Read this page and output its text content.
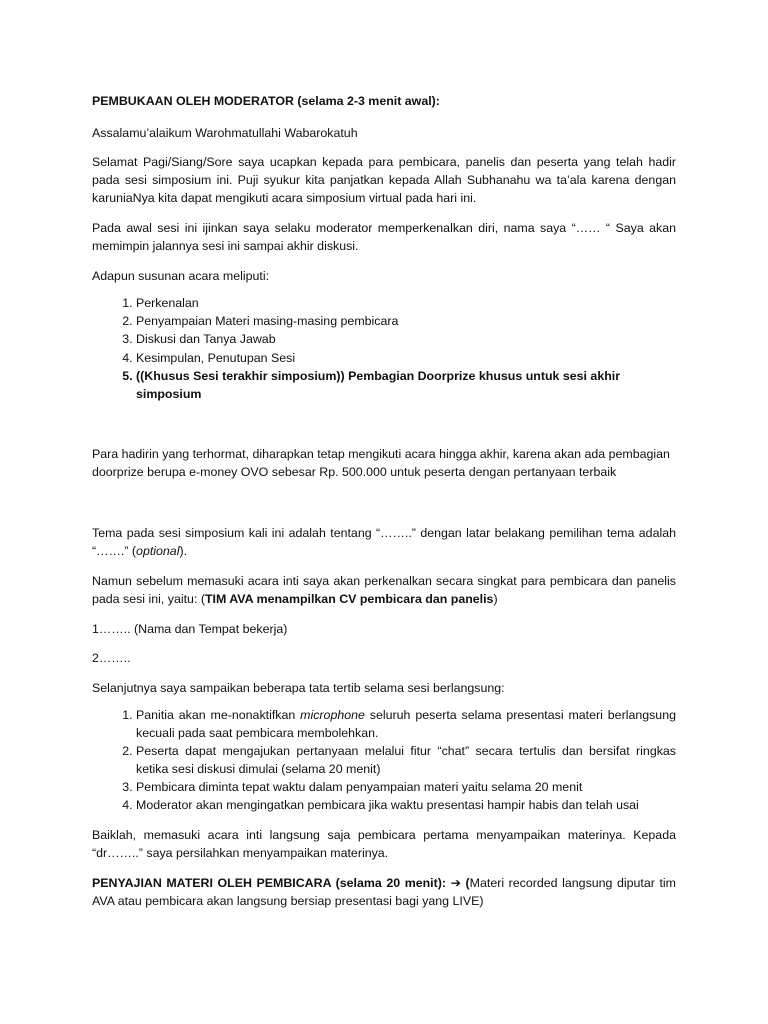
PEMBUKAAN OLEH MODERATOR (selama 2-3 menit awal):

Assalamu’alaikum Warohmatullahi Wabarokatuh

Selamat Pagi/Siang/Sore saya ucapkan kepada para pembicara, panelis dan peserta yang telah hadir pada sesi simposium ini. Puji syukur kita panjatkan kepada Allah Subhanahu wa ta’ala karena dengan karuniaNya kita dapat mengikuti acara simposium virtual pada hari ini.

Pada awal sesi ini ijinkan saya selaku moderator memperkenalkan diri, nama saya “…… “ Saya akan memimpin jalannya sesi ini sampai akhir diskusi.

Adapun susunan acara meliputi:

1. Perkenalan
2. Penyampaian Materi masing-masing pembicara
3. Diskusi dan Tanya Jawab
4. Kesimpulan, Penutupan Sesi
5. ((Khusus Sesi terakhir simposium)) Pembagian Doorprize khusus untuk sesi akhir simposium

Para hadirin yang terhormat, diharapkan tetap mengikuti acara hingga akhir, karena akan ada pembagian doorprize berupa e-money OVO sebesar Rp. 500.000 untuk peserta dengan pertanyaan terbaik

Tema pada sesi simposium kali ini adalah tentang “……..” dengan latar belakang pemilihan tema adalah “…….” (optional).

Namun sebelum memasuki acara inti saya akan perkenalkan secara singkat para pembicara dan panelis pada sesi ini, yaitu: (TIM AVA menampilkan CV pembicara dan panelis)

1…….. (Nama dan Tempat bekerja)

2……..

Selanjutnya saya sampaikan beberapa tata tertib selama sesi berlangsung:

1. Panitia akan me-nonaktifkan microphone seluruh peserta selama presentasi materi berlangsung kecuali pada saat pembicara membolehkan.
2. Peserta dapat mengajukan pertanyaan melalui fitur “chat” secara tertulis dan bersifat ringkas ketika sesi diskusi dimulai (selama 20 menit)
3. Pembicara diminta tepat waktu dalam penyampaian materi yaitu selama 20 menit
4. Moderator akan mengingatkan pembicara jika waktu presentasi hampir habis dan telah usai

Baiklah, memasuki acara inti langsung saja pembicara pertama menyampaikan materinya. Kepada “dr……..” saya persilahkan menyampaikan materinya.

PENYAJIAN MATERI OLEH PEMBICARA (selama 20 menit): ➔ (Materi recorded langsung diputar tim AVA atau pembicara akan langsung bersiap presentasi bagi yang LIVE)
